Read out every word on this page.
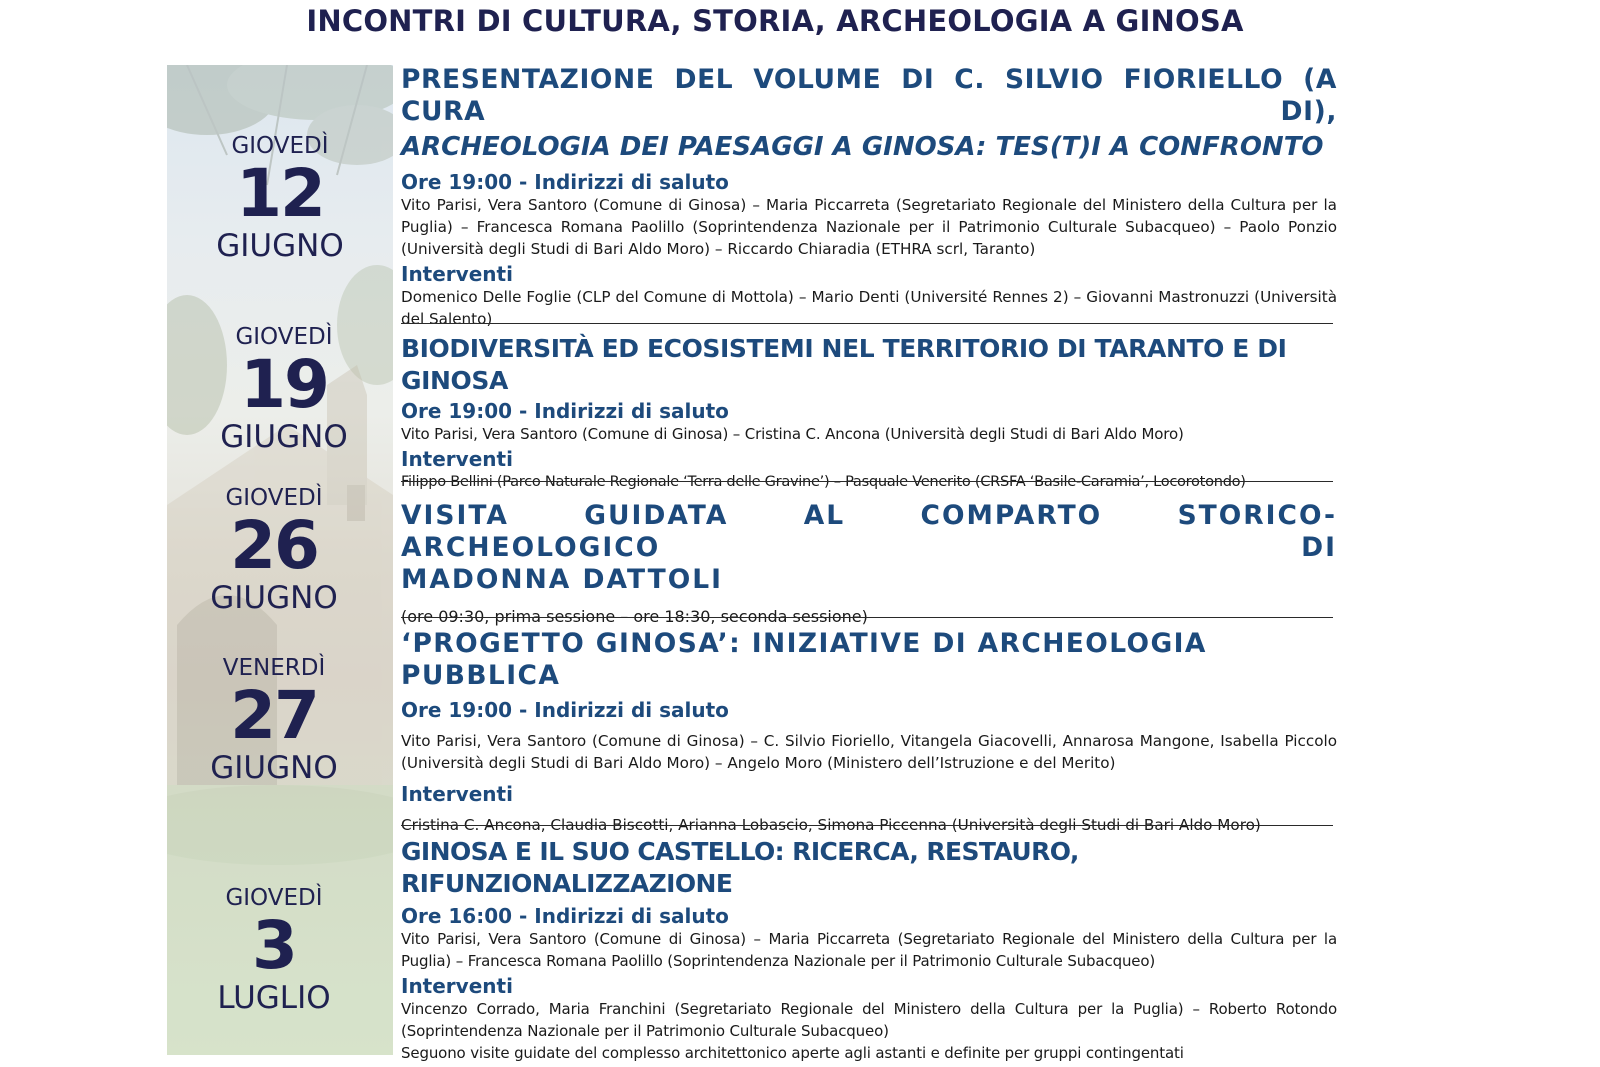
INCONTRI DI CULTURA, STORIA, ARCHEOLOGIA A GINOSA
GIOVEDÌ
12
GIUGNO
GIOVEDÌ
19
GIUGNO
GIOVEDÌ
26
GIUGNO
VENERDÌ
27
GIUGNO
GIOVEDÌ
3
LUGLIO

PRESENTAZIONE DEL VOLUME DI C. SILVIO FIORIELLO (A CURA DI),

ARCHEOLOGIA DEI PAESAGGI A GINOSA: TES(T)I A CONFRONTO

Ore 19:00 - Indirizzi di saluto

Vito Parisi, Vera Santoro (Comune di Ginosa) – Maria Piccarreta (Segretariato Regionale del Ministero della Cultura per la Puglia) – Francesca Romana Paolillo (Soprintendenza Nazionale per il Patrimonio Culturale Subacqueo) – Paolo Ponzio (Università degli Studi di Bari Aldo Moro) – Riccardo Chiaradia (ETHRA scrl, Taranto)

Interventi

Domenico Delle Foglie (CLP del Comune di Mottola) – Mario Denti (Université Rennes 2) – Giovanni Mastronuzzi (Università del Salento)

BIODIVERSITÀ ED ECOSISTEMI NEL TERRITORIO DI TARANTO E DI GINOSA

Ore 19:00 - Indirizzi di saluto

Vito Parisi, Vera Santoro (Comune di Ginosa) – Cristina C. Ancona (Università degli Studi di Bari Aldo Moro)

Interventi

Filippo Bellini (Parco Naturale Regionale ‘Terra delle Gravine’) – Pasquale Venerito (CRSFA ‘Basile-Caramia’, Locorotondo)

VISITA GUIDATA AL COMPARTO STORICO-ARCHEOLOGICO DI

MADONNA DATTOLI

(ore 09:30, prima sessione – ore 18:30, seconda sessione)

‘PROGETTO GINOSA’: INIZIATIVE DI ARCHEOLOGIA PUBBLICA

Ore 19:00 - Indirizzi di saluto

Vito Parisi, Vera Santoro (Comune di Ginosa) – C. Silvio Fioriello, Vitangela Giacovelli, Annarosa Mangone, Isabella Piccolo (Università degli Studi di Bari Aldo Moro) – Angelo Moro (Ministero dell’Istruzione e del Merito)

Interventi

Cristina C. Ancona, Claudia Biscotti, Arianna Lobascio, Simona Piccenna (Università degli Studi di Bari Aldo Moro)

GINOSA E IL SUO CASTELLO: RICERCA, RESTAURO, RIFUNZIONALIZZAZIONE

Ore 16:00 - Indirizzi di saluto

Vito Parisi, Vera Santoro (Comune di Ginosa) – Maria Piccarreta (Segretariato Regionale del Ministero della Cultura per la Puglia) – Francesca Romana Paolillo (Soprintendenza Nazionale per il Patrimonio Culturale Subacqueo)

Interventi

Vincenzo Corrado, Maria Franchini (Segretariato Regionale del Ministero della Cultura per la Puglia) – Roberto Rotondo (Soprintendenza Nazionale per il Patrimonio Culturale Subacqueo)

Seguono visite guidate del complesso architettonico aperte agli astanti e definite per gruppi contingentati
